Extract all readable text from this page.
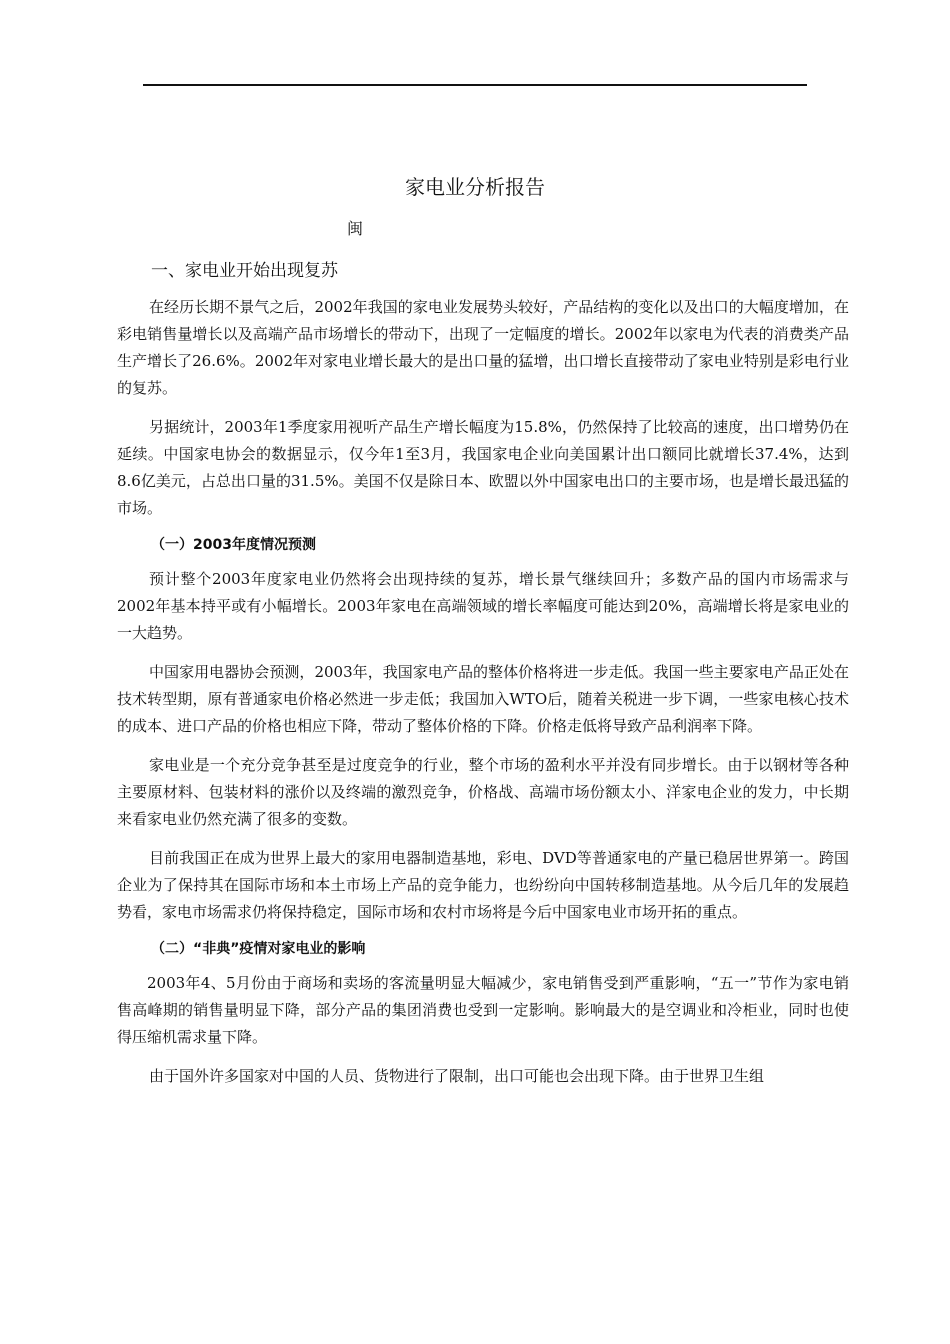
家电业分析报告
闽
一、家电业开始出现复苏

在经历长期不景气之后，2002年我国的家电业发展势头较好，产品结构的变化以及出口的大幅度增加，在彩电销售量增长以及高端产品市场增长的带动下，出现了一定幅度的增长。2002年以家电为代表的消费类产品生产增长了26.6%。2002年对家电业增长最大的是出口量的猛增，出口增长直接带动了家电业特别是彩电行业的复苏。

另据统计，2003年1季度家用视听产品生产增长幅度为15.8%，仍然保持了比较高的速度，出口增势仍在延续。中国家电协会的数据显示，仅今年1至3月，我国家电企业向美国累计出口额同比就增长37.4%，达到8.6亿美元，占总出口量的31.5%。美国不仅是除日本、欧盟以外中国家电出口的主要市场，也是增长最迅猛的市场。

（一）2003年度情况预测

预计整个2003年度家电业仍然将会出现持续的复苏，增长景气继续回升；多数产品的国内市场需求与2002年基本持平或有小幅增长。2003年家电在高端领域的增长率幅度可能达到20%，高端增长将是家电业的一大趋势。

中国家用电器协会预测，2003年，我国家电产品的整体价格将进一步走低。我国一些主要家电产品正处在技术转型期，原有普通家电价格必然进一步走低；我国加入WTO后，随着关税进一步下调，一些家电核心技术的成本、进口产品的价格也相应下降，带动了整体价格的下降。价格走低将导致产品利润率下降。

家电业是一个充分竞争甚至是过度竞争的行业，整个市场的盈利水平并没有同步增长。由于以钢材等各种主要原材料、包装材料的涨价以及终端的激烈竞争，价格战、高端市场份额太小、洋家电企业的发力，中长期来看家电业仍然充满了很多的变数。

目前我国正在成为世界上最大的家用电器制造基地，彩电、DVD等普通家电的产量已稳居世界第一。跨国企业为了保持其在国际市场和本土市场上产品的竞争能力，也纷纷向中国转移制造基地。从今后几年的发展趋势看，家电市场需求仍将保持稳定，国际市场和农村市场将是今后中国家电业市场开拓的重点。

（二）“非典”疫情对家电业的影响

2003年4、5月份由于商场和卖场的客流量明显大幅减少，家电销售受到严重影响，“五一”节作为家电销售高峰期的销售量明显下降，部分产品的集团消费也受到一定影响。影响最大的是空调业和冷柜业，同时也使得压缩机需求量下降。

由于国外许多国家对中国的人员、货物进行了限制，出口可能也会出现下降。由于世界卫生组
